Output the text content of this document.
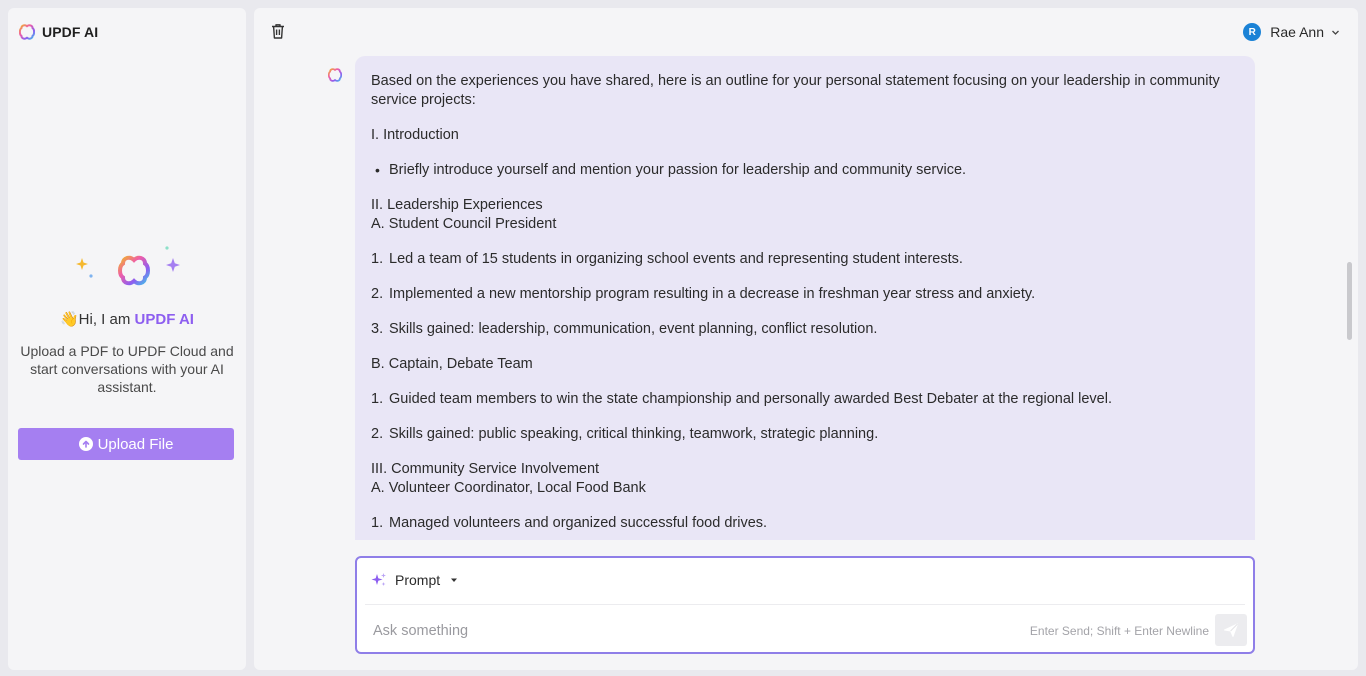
UPDF AI
👋Hi, I am UPDF AI
Upload a PDF to UPDF Cloud and start conversations with your AI assistant.
Upload File
R	Rae Ann

Based on the experiences you have shared, here is an outline for your personal statement focusing on your leadership in community service projects:

I. Introduction

• Briefly introduce yourself and mention your passion for leadership and community service.
II. Leadership Experiences

A. Student Council President

1. Led a team of 15 students in organizing school events and representing student interests.
2. Implemented a new mentorship program resulting in a decrease in freshman year stress and anxiety.
3. Skills gained: leadership, communication, event planning, conflict resolution.

B. Captain, Debate Team

1. Guided team members to win the state championship and personally awarded Best Debater at the regional level.
2. Skills gained: public speaking, critical thinking, teamwork, strategic planning.
III. Community Service Involvement

A. Volunteer Coordinator, Local Food Bank

1. Managed volunteers and organized successful food drives.
Prompt
Ask something
Enter Send; Shift + Enter Newline
